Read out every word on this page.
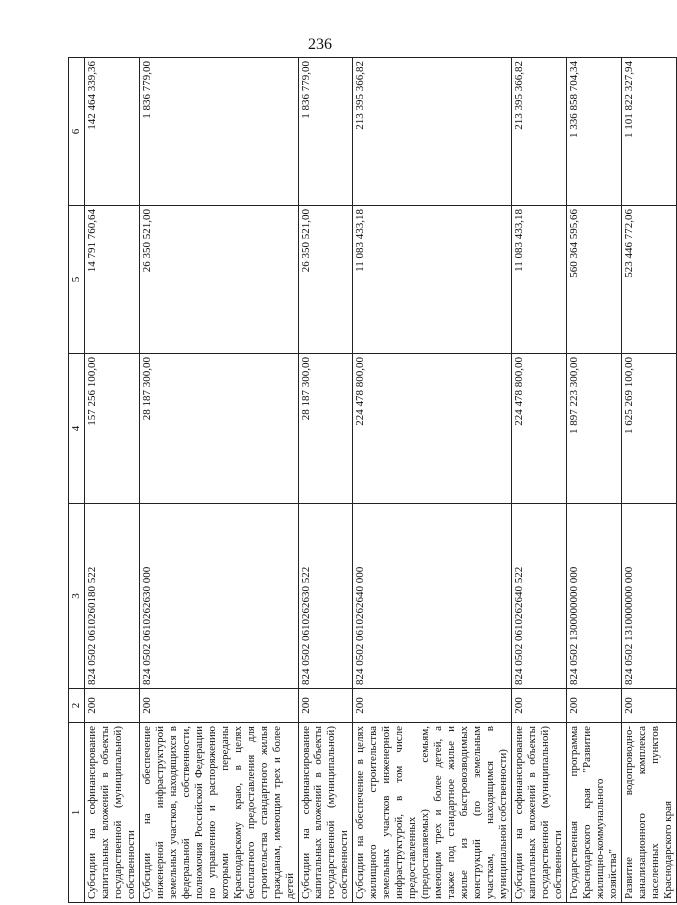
236
1	2	3	4	5	6
Субсидии на софинансирование капитальных вложений в объекты государственной (муниципальной) собственности	200	824 0502 0610260180 522	157 256 100,00	14 791 760,64	142 464 339,36
Субсидии на обеспечение инженерной инфраструктурой земельных участков, находящихся в федеральной собственности, полномочия Российской Федерации по управлению и распоряжению которыми переданы Краснодарскому краю, в целях бесплатного предоставления для строительства стандартного жилья гражданам, имеющим трех и более детей	200	824 0502 0610262630 000	28 187 300,00	26 350 521,00	1 836 779,00
Субсидии на софинансирование капитальных вложений в объекты государственной (муниципальной) собственности	200	824 0502 0610262630 522	28 187 300,00	26 350 521,00	1 836 779,00
Субсидии на обеспечение в целях жилищного строительства земельных участков инженерной инфраструктурой, в том числе предоставленных (предоставляемых) семьям, имеющим трех и более детей, а также под стандартное жилье и жилье из быстровозводимых конструкций (по земельным участкам, находящимся в муниципальной собственности)	200	824 0502 0610262640 000	224 478 800,00	11 083 433,18	213 395 366,82
Субсидии на софинансирование капитальных вложений в объекты государственной (муниципальной) собственности	200	824 0502 0610262640 522	224 478 800,00	11 083 433,18	213 395 366,82
Государственная программа Краснодарского края "Развитие жилищно-коммунального хозяйства"	200	824 0502 1300000000 000	1 897 223 300,00	560 364 595,66	1 336 858 704,34
Развитие водопроводно-канализационного комплекса населенных пунктов Краснодарского края	200	824 0502 1310000000 000	1 625 269 100,00	523 446 772,06	1 101 822 327,94
